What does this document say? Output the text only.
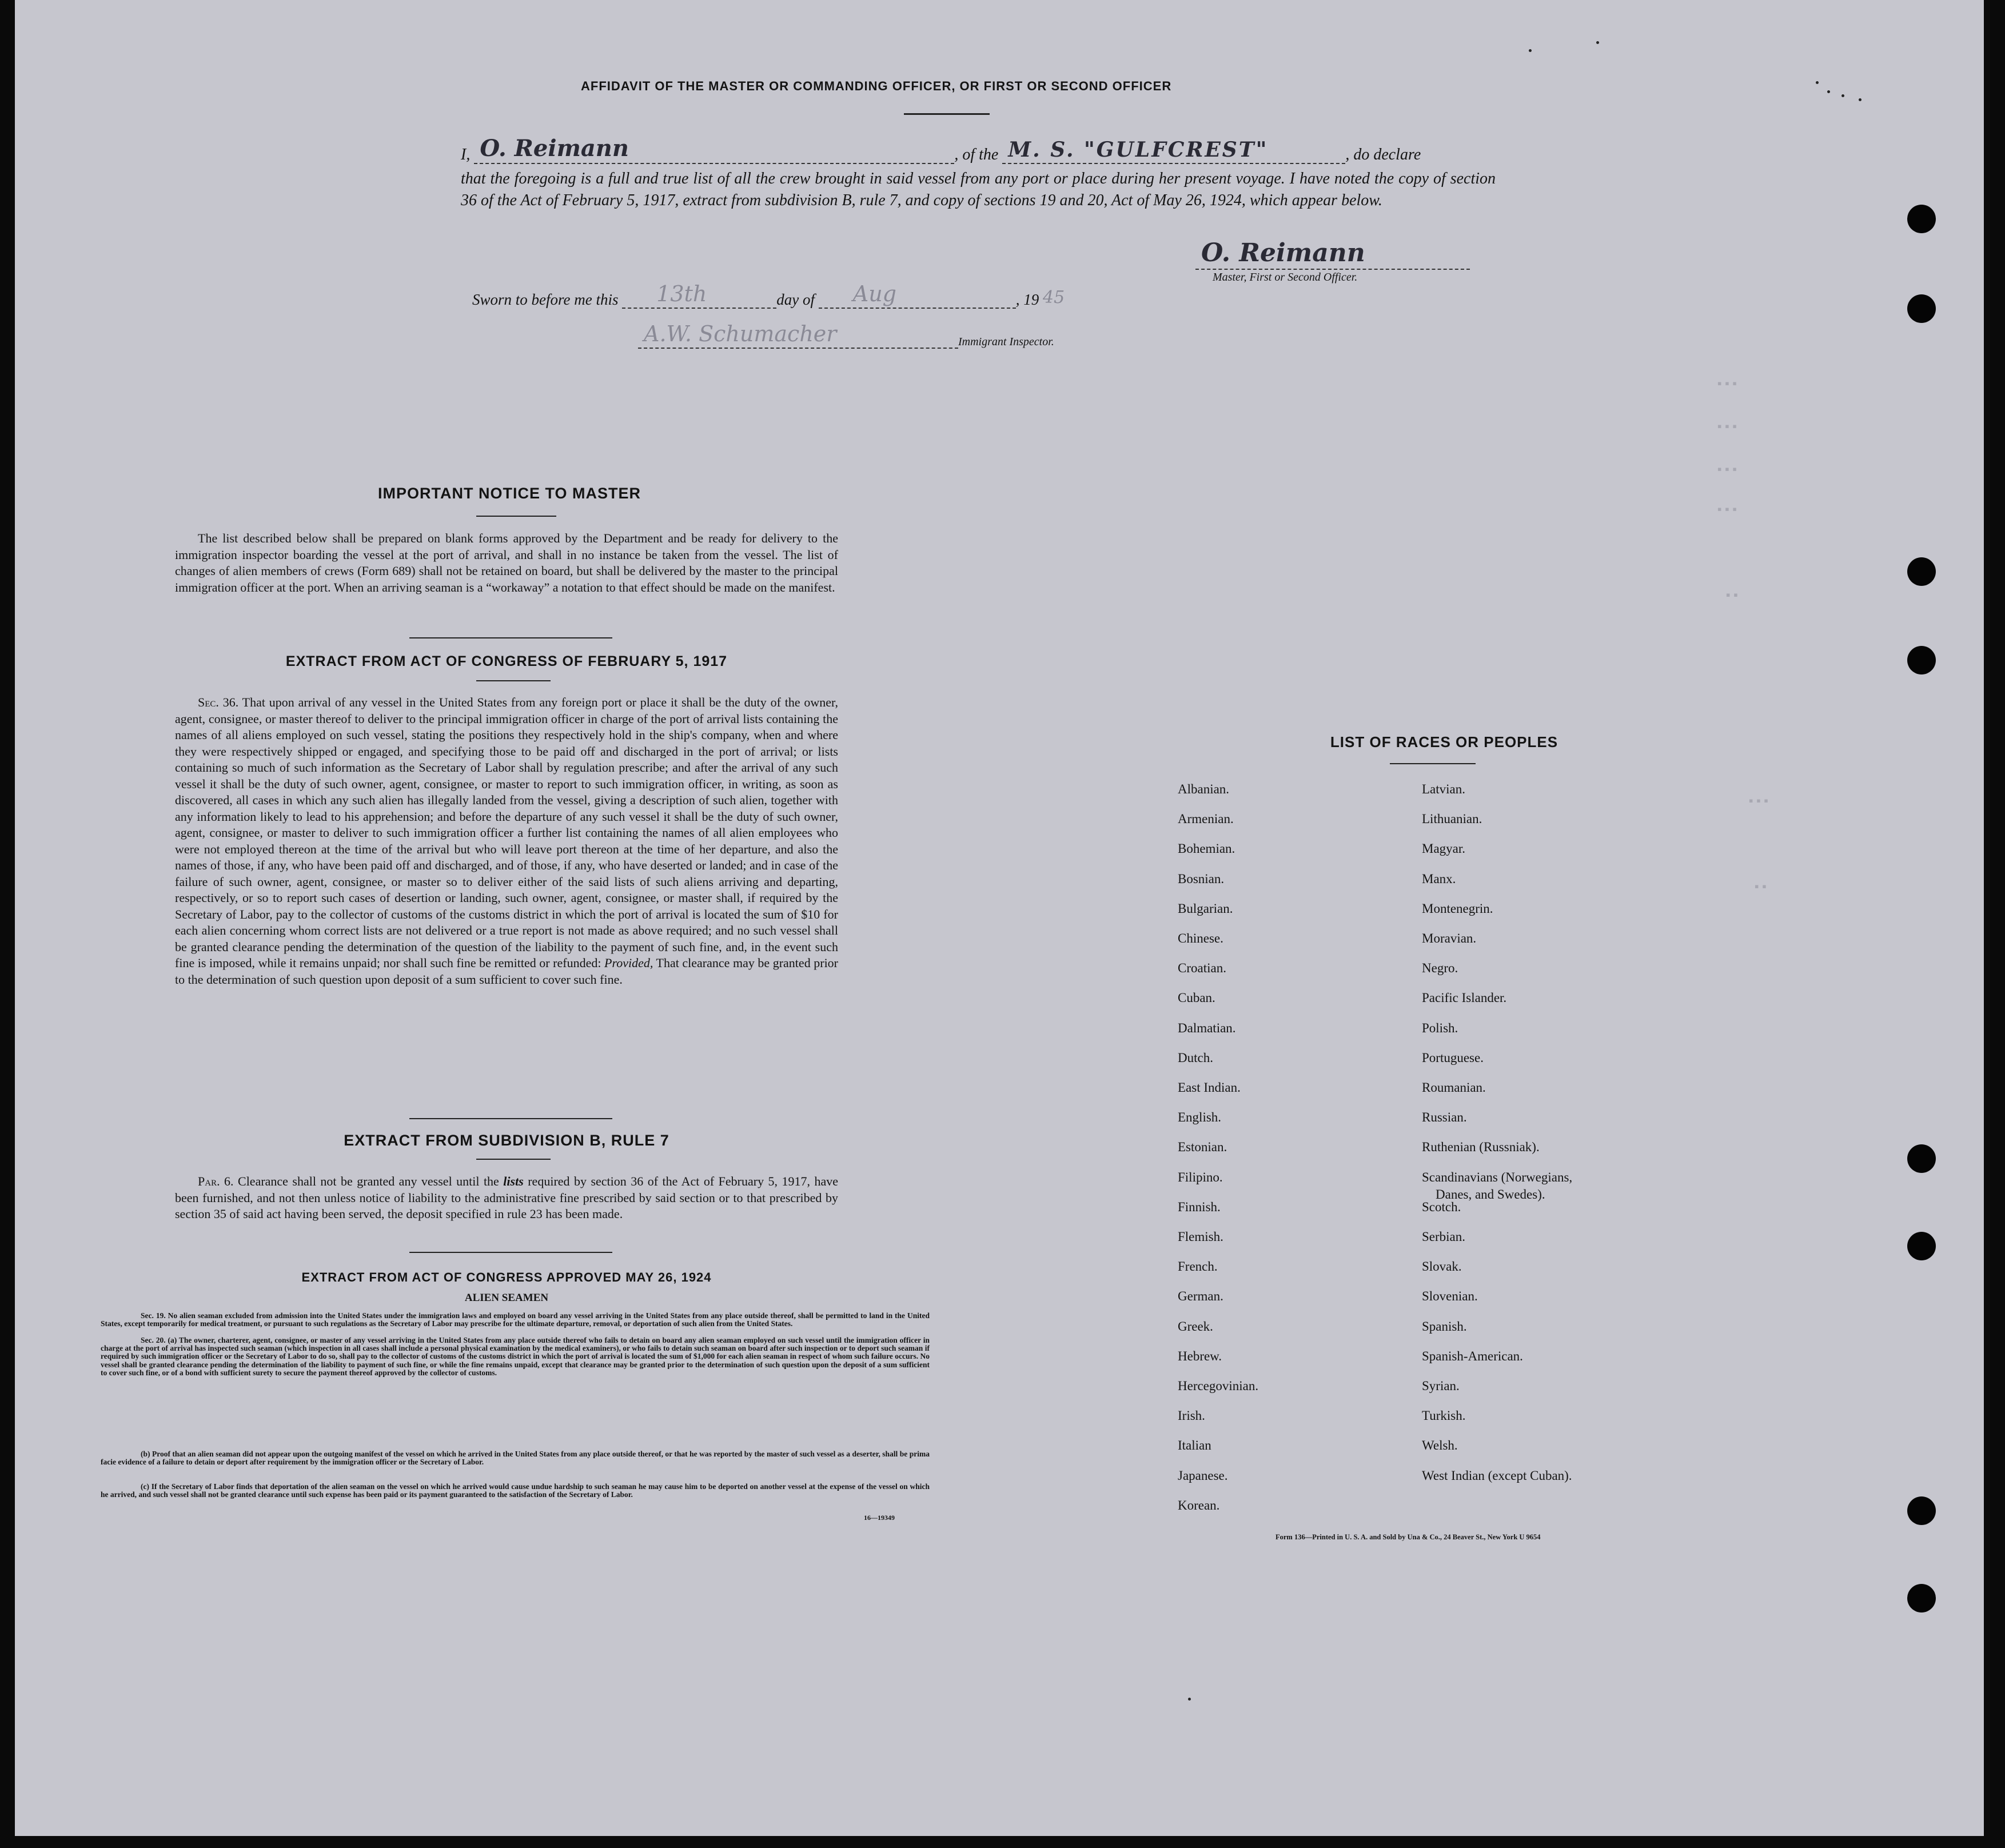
AFFIDAVIT OF THE MASTER OR COMMANDING OFFICER, OR FIRST OR SECOND OFFICER
I, O. Reimann	, of the M. S. "GULFCREST"	, do declare
that the foregoing is a full and true list of all the crew brought in said vessel from any port or place during her present voyage. I have noted the copy of section 36 of the Act of February 5, 1917, extract from subdivision B, rule 7, and copy of sections 19 and 20, Act of May 26, 1924, which appear below.
O. Reimann
Master, First or Second Officer.
Sworn to before me this 13th	day of Aug	, 19 45
A.W. Schumacher	Immigrant Inspector.
IMPORTANT NOTICE TO MASTER
The list described below shall be prepared on blank forms approved by the Department and be ready for delivery to the immigration inspector boarding the vessel at the port of arrival, and shall in no instance be taken from the vessel. The list of changes of alien members of crews (Form 689) shall not be retained on board, but shall be delivered by the master to the principal immigration officer at the port. When an arriving seaman is a “workaway” a notation to that effect should be made on the manifest.
EXTRACT FROM ACT OF CONGRESS OF FEBRUARY 5, 1917
Sec. 36. That upon arrival of any vessel in the United States from any foreign port or place it shall be the duty of the owner, agent, consignee, or master thereof to deliver to the principal immigration officer in charge of the port of arrival lists containing the names of all aliens employed on such vessel, stating the positions they respectively hold in the ship's company, when and where they were respectively shipped or engaged, and specifying those to be paid off and discharged in the port of arrival; or lists containing so much of such information as the Secretary of Labor shall by regulation prescribe; and after the arrival of any such vessel it shall be the duty of such owner, agent, consignee, or master to report to such immigration officer, in writing, as soon as discovered, all cases in which any such alien has illegally landed from the vessel, giving a description of such alien, together with any information likely to lead to his apprehension; and before the departure of any such vessel it shall be the duty of such owner, agent, consignee, or master to deliver to such immigration officer a further list containing the names of all alien employees who were not employed thereon at the time of the arrival but who will leave port thereon at the time of her departure, and also the names of those, if any, who have been paid off and discharged, and of those, if any, who have deserted or landed; and in case of the failure of such owner, agent, consignee, or master so to deliver either of the said lists of such aliens arriving and departing, respectively, or so to report such cases of desertion or landing, such owner, agent, consignee, or master shall, if required by the Secretary of Labor, pay to the collector of customs of the customs district in which the port of arrival is located the sum of $10 for each alien concerning whom correct lists are not delivered or a true report is not made as above required; and no such vessel shall be granted clearance pending the determination of the question of the liability to the payment of such fine, and, in the event such fine is imposed, while it remains unpaid; nor shall such fine be remitted or refunded: Provided, That clearance may be granted prior to the determination of such question upon deposit of a sum sufficient to cover such fine.
EXTRACT FROM SUBDIVISION B, RULE 7
Par. 6. Clearance shall not be granted any vessel until the lists required by section 36 of the Act of February 5, 1917, have been furnished, and not then unless notice of liability to the administrative fine prescribed by said section or to that prescribed by section 35 of said act having been served, the deposit specified in rule 23 has been made.
EXTRACT FROM ACT OF CONGRESS APPROVED MAY 26, 1924
ALIEN SEAMEN
Sec. 19. No alien seaman excluded from admission into the United States under the immigration laws and employed on board any vessel arriving in the United States from any place outside thereof, shall be permitted to land in the United States, except temporarily for medical treatment, or pursuant to such regulations as the Secretary of Labor may prescribe for the ultimate departure, removal, or deportation of such alien from the United States.
Sec. 20. (a) The owner, charterer, agent, consignee, or master of any vessel arriving in the United States from any place outside thereof who fails to detain on board any alien seaman employed on such vessel until the immigration officer in charge at the port of arrival has inspected such seaman (which inspection in all cases shall include a personal physical examination by the medical examiners), or who fails to detain such seaman on board after such inspection or to deport such seaman if required by such immigration officer or the Secretary of Labor to do so, shall pay to the collector of customs of the customs district in which the port of arrival is located the sum of $1,000 for each alien seaman in respect of whom such failure occurs. No vessel shall be granted clearance pending the determination of the liability to payment of such fine, or while the fine remains unpaid, except that clearance may be granted prior to the determination of such question upon the deposit of a sum sufficient to cover such fine, or of a bond with sufficient surety to secure the payment thereof approved by the collector of customs.
(b) Proof that an alien seaman did not appear upon the outgoing manifest of the vessel on which he arrived in the United States from any place outside thereof, or that he was reported by the master of such vessel as a deserter, shall be prima facie evidence of a failure to detain or deport after requirement by the immigration officer or the Secretary of Labor.
(c) If the Secretary of Labor finds that deportation of the alien seaman on the vessel on which he arrived would cause undue hardship to such seaman he may cause him to be deported on another vessel at the expense of the vessel on which he arrived, and such vessel shall not be granted clearance until such expense has been paid or its payment guaranteed to the satisfaction of the Secretary of Labor.
16—19349
LIST OF RACES OR PEOPLES
Albanian.
Armenian.
Bohemian.
Bosnian.
Bulgarian.
Chinese.
Croatian.
Cuban.
Dalmatian.
Dutch.
East Indian.
English.
Estonian.
Filipino.
Finnish.
Flemish.
French.
German.
Greek.
Hebrew.
Hercegovinian.
Irish.
Italian
Japanese.
Korean.
Latvian.
Lithuanian.
Magyar.
Manx.
Montenegrin.
Moravian.
Negro.
Pacific Islander.
Polish.
Portuguese.
Roumanian.
Russian.
Ruthenian (Russniak).
Scandinavians (Norwegians,
Danes, and Swedes).
Scotch.
Serbian.
Slovak.
Slovenian.
Spanish.
Spanish-American.
Syrian.
Turkish.
Welsh.
West Indian (except Cuban).
Form 136—Printed in U. S. A. and Sold by Una & Co., 24 Beaver St., New York U 9654
▪▪▪
▪▪▪
▪▪▪
▪▪▪
▪▪
▪▪▪
▪▪
